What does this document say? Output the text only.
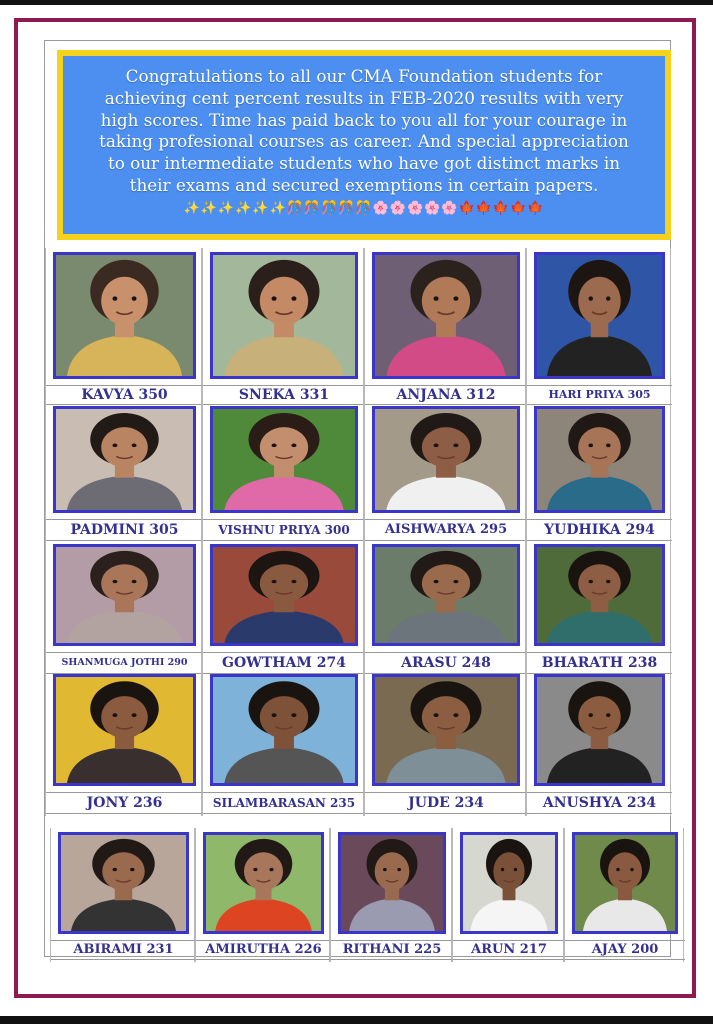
Congratulations to all our CMA Foundation students for

achieving cent percent results in FEB-2020 results with very

high scores. Time has paid back to you all for your courage in

taking profesional courses as career. And special appreciation

to our intermediate students who have got distinct marks in

their exams and secured exemptions in certain papers.

✨✨✨✨✨✨🎊🎊🎊🎊🎊🌸🌸🌸🌸🌸🍁🍁🍁🍁🍁
KAVYA 350	SNEKA 331	ANJANA 312	HARI PRIYA 305
PADMINI 305	VISHNU PRIYA 300	AISHWARYA 295	YUDHIKA 294
SHANMUGA JOTHI 290	GOWTHAM 274	ARASU 248	BHARATH 238
JONY 236	SILAMBARASAN 235	JUDE 234	ANUSHYA 234
ABIRAMI 231	AMIRUTHA 226	RITHANI 225	ARUN 217	AJAY 200
